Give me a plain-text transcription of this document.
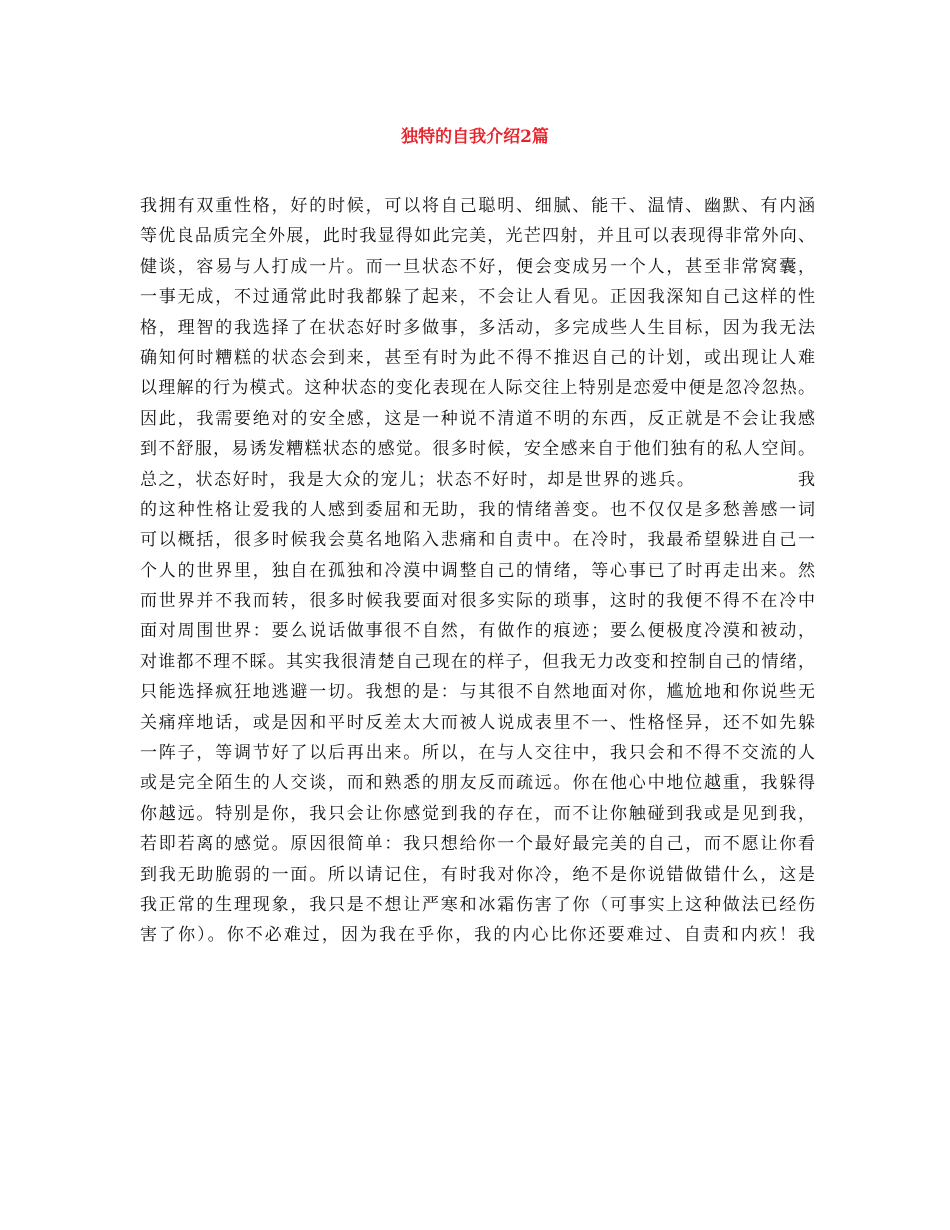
独特的自我介绍2篇
我拥有双重性格，好的时候，可以将自己聪明、细腻、能干、温情、幽默、有内涵
等优良品质完全外展，此时我显得如此完美，光芒四射，并且可以表现得非常外向、
健谈，容易与人打成一片。而一旦状态不好，便会变成另一个人，甚至非常窝囊，
一事无成，不过通常此时我都躲了起来，不会让人看见。正因我深知自己这样的性
格，理智的我选择了在状态好时多做事，多活动，多完成些人生目标，因为我无法
确知何时糟糕的状态会到来，甚至有时为此不得不推迟自己的计划，或出现让人难
以理解的行为模式。这种状态的变化表现在人际交往上特别是恋爱中便是忽冷忽热。
因此，我需要绝对的安全感，这是一种说不清道不明的东西，反正就是不会让我感
到不舒服，易诱发糟糕状态的感觉。很多时候，安全感来自于他们独有的私人空间。
总之，状态好时，我是大众的宠儿；状态不好时，却是世界的逃兵。　　　　　　我
的这种性格让爱我的人感到委屈和无助，我的情绪善变。也不仅仅是多愁善感一词
可以概括，很多时候我会莫名地陷入悲痛和自责中。在冷时，我最希望躲进自己一
个人的世界里，独自在孤独和冷漠中调整自己的情绪，等心事已了时再走出来。然
而世界并不我而转，很多时候我要面对很多实际的琐事，这时的我便不得不在冷中
面对周围世界：要么说话做事很不自然，有做作的痕迹；要么便极度冷漠和被动，
对谁都不理不睬。其实我很清楚自己现在的样子，但我无力改变和控制自己的情绪，
只能选择疯狂地逃避一切。我想的是：与其很不自然地面对你，尴尬地和你说些无
关痛痒地话，或是因和平时反差太大而被人说成表里不一、性格怪异，还不如先躲
一阵子，等调节好了以后再出来。所以，在与人交往中，我只会和不得不交流的人
或是完全陌生的人交谈，而和熟悉的朋友反而疏远。你在他心中地位越重，我躲得
你越远。特别是你，我只会让你感觉到我的存在，而不让你触碰到我或是见到我，
若即若离的感觉。原因很简单：我只想给你一个最好最完美的自己，而不愿让你看
到我无助脆弱的一面。所以请记住，有时我对你冷，绝不是你说错做错什么，这是
我正常的生理现象，我只是不想让严寒和冰霜伤害了你（可事实上这种做法已经伤
害了你）。你不必难过，因为我在乎你，我的内心比你还要难过、自责和内疚！我
